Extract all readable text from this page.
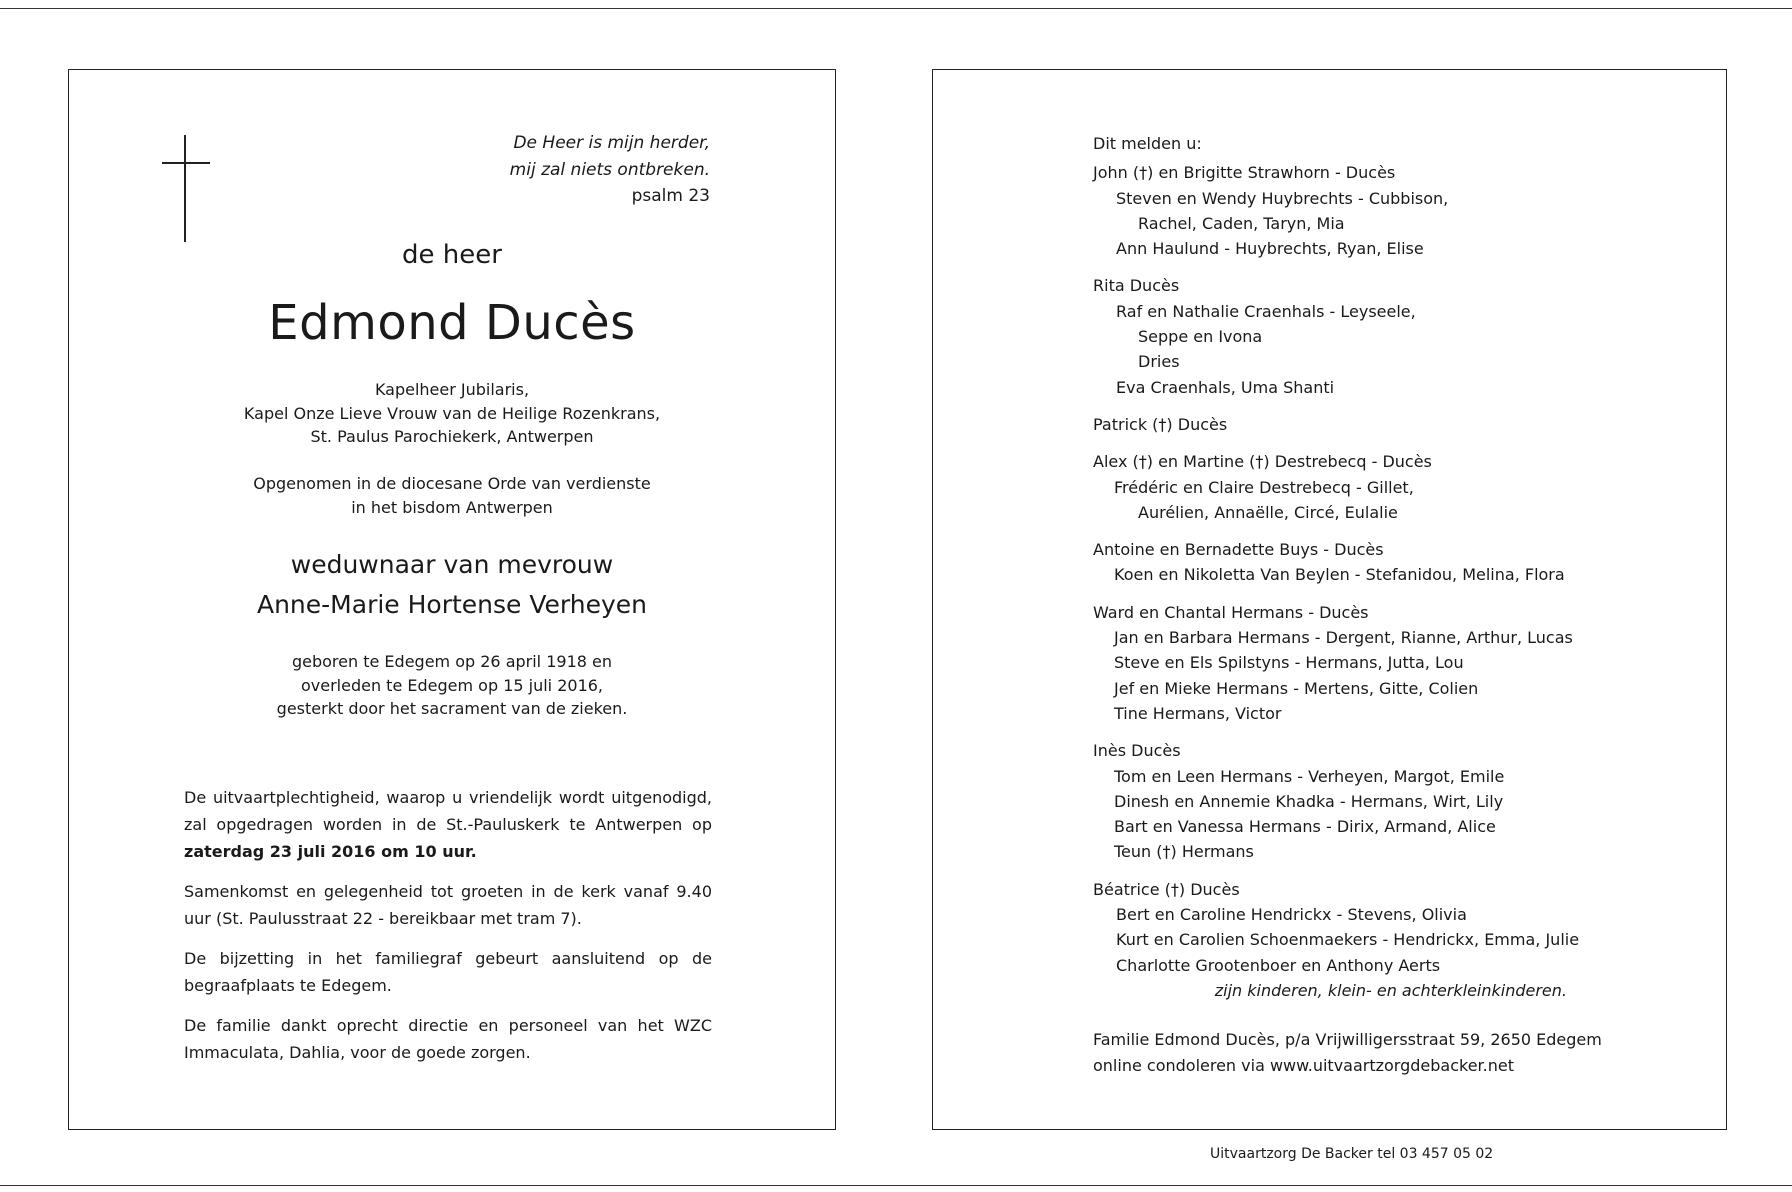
De Heer is mijn herder,
mij zal niets ontbreken.
psalm 23
de heer
Edmond Ducès
Kapelheer Jubilaris,
Kapel Onze Lieve Vrouw van de Heilige Rozenkrans,
St. Paulus Parochiekerk, Antwerpen
Opgenomen in de diocesane Orde van verdienste
in het bisdom Antwerpen
weduwnaar van mevrouw
Anne-Marie Hortense Verheyen
geboren te Edegem op 26 april 1918 en
overleden te Edegem op 15 juli 2016,
gesterkt door het sacrament van de zieken.

De uitvaartplechtigheid, waarop u vriendelijk wordt uitgenodigd, zal opgedragen worden in de St.-Pauluskerk te Antwerpen op zaterdag 23 juli 2016 om 10 uur.

Samenkomst en gelegenheid tot groeten in de kerk vanaf 9.40 uur (St. Paulusstraat 22 - bereikbaar met tram 7).

De bijzetting in het familiegraf gebeurt aansluitend op de begraafplaats te Edegem.

De familie dankt oprecht directie en personeel van het WZC Immaculata, Dahlia, voor de goede zorgen.

Dit melden u:
John (†) en Brigitte Strawhorn - Ducès
Steven en Wendy Huybrechts - Cubbison,
Rachel, Caden, Taryn, Mia
Ann Haulund - Huybrechts, Ryan, Elise
Rita Ducès
Raf en Nathalie Craenhals - Leyseele,
Seppe en Ivona
Dries
Eva Craenhals, Uma Shanti
Patrick (†) Ducès
Alex (†) en Martine (†) Destrebecq - Ducès
Frédéric en Claire Destrebecq - Gillet,
Aurélien, Annaëlle, Circé, Eulalie
Antoine en Bernadette Buys - Ducès
Koen en Nikoletta Van Beylen - Stefanidou, Melina, Flora
Ward en Chantal Hermans - Ducès
Jan en Barbara Hermans - Dergent, Rianne, Arthur, Lucas
Steve en Els Spilstyns - Hermans, Jutta, Lou
Jef en Mieke Hermans - Mertens, Gitte, Colien
Tine Hermans, Victor
Inès Ducès
Tom en Leen Hermans - Verheyen, Margot, Emile
Dinesh en Annemie Khadka - Hermans, Wirt, Lily
Bart en Vanessa Hermans - Dirix, Armand, Alice
Teun (†) Hermans
Béatrice (†) Ducès
Bert en Caroline Hendrickx - Stevens, Olivia
Kurt en Carolien Schoenmaekers - Hendrickx, Emma, Julie
Charlotte Grootenboer en Anthony Aerts
zijn kinderen, klein- en achterkleinkinderen.
Familie Edmond Ducès, p/a Vrijwilligersstraat 59, 2650 Edegem
online condoleren via www.uitvaartzorgdebacker.net
Uitvaartzorg De Backer tel 03 457 05 02
